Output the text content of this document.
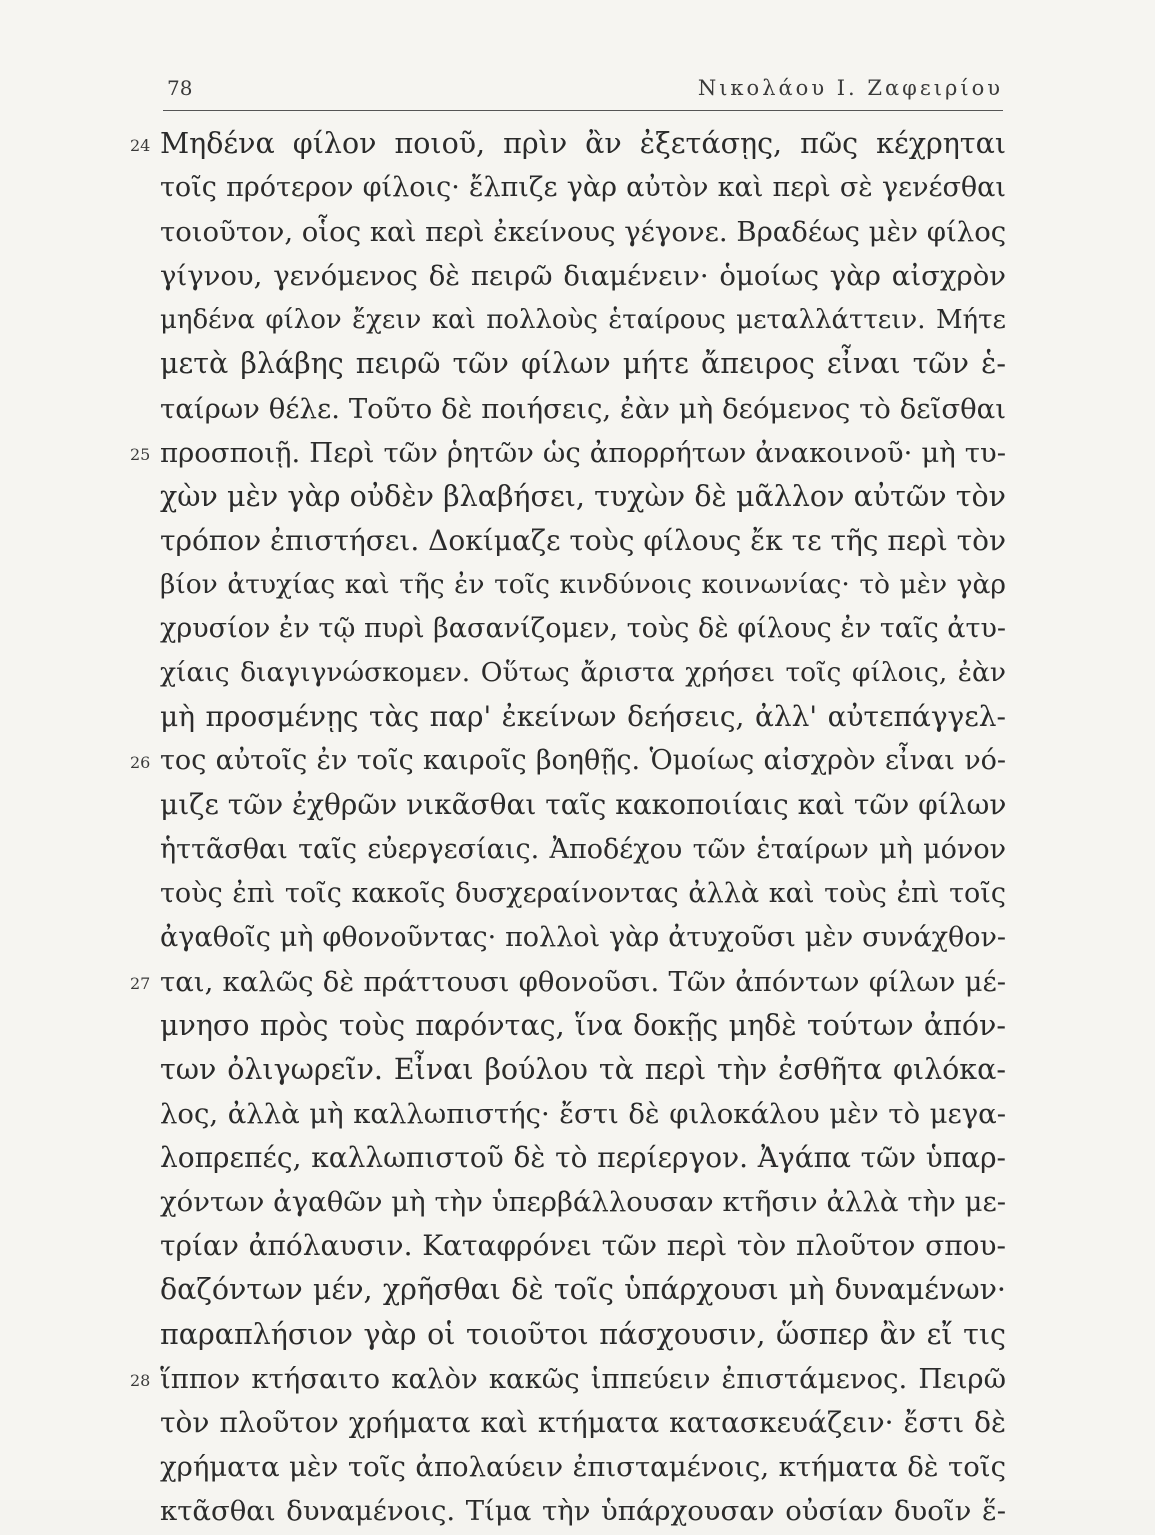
78	Νικολάου Ι. Ζαφειρίου
24 Μηδένα φίλον ποιοῦ, πρὶν ἂν ἐξετάσῃς, πῶς κέχρηται
τοῖς πρότερον φίλοις· ἔλπιζε γὰρ αὐτὸν καὶ περὶ σὲ γενέσθαι
τοιοῦτον, οἷος καὶ περὶ ἐκείνους γέγονε. Βραδέως μὲν φίλος
γίγνου, γενόμενος δὲ πειρῶ διαμένειν· ὁμοίως γὰρ αἰσχρὸν
μηδένα φίλον ἔχειν καὶ πολλοὺς ἑταίρους μεταλλάττειν. Μήτε
μετὰ βλάβης πειρῶ τῶν φίλων μήτε ἄπειρος εἶναι τῶν ἑ-
ταίρων θέλε. Τοῦτο δὲ ποιήσεις, ἐὰν μὴ δεόμενος τὸ δεῖσθαι
25 προσποιῇ. Περὶ τῶν ῥητῶν ὡς ἀπορρήτων ἀνακοινοῦ· μὴ τυ-
χὼν μὲν γὰρ οὐδὲν βλαβήσει, τυχὼν δὲ μᾶλλον αὐτῶν τὸν
τρόπον ἐπιστήσει. Δοκίμαζε τοὺς φίλους ἔκ τε τῆς περὶ τὸν
βίον ἀτυχίας καὶ τῆς ἐν τοῖς κινδύνοις κοινωνίας· τὸ μὲν γὰρ
χρυσίον ἐν τῷ πυρὶ βασανίζομεν, τοὺς δὲ φίλους ἐν ταῖς ἀτυ-
χίαις διαγιγνώσκομεν. Οὕτως ἄριστα χρήσει τοῖς φίλοις, ἐὰν
μὴ προσμένῃς τὰς παρ' ἐκείνων δεήσεις, ἀλλ' αὐτεπάγγελ-
26 τος αὐτοῖς ἐν τοῖς καιροῖς βοηθῇς. Ὁμοίως αἰσχρὸν εἶναι νό-
μιζε τῶν ἐχθρῶν νικᾶσθαι ταῖς κακοποιίαις καὶ τῶν φίλων
ἡττᾶσθαι ταῖς εὐεργεσίαις. Ἀποδέχου τῶν ἑταίρων μὴ μόνον
τοὺς ἐπὶ τοῖς κακοῖς δυσχεραίνοντας ἀλλὰ καὶ τοὺς ἐπὶ τοῖς
ἀγαθοῖς μὴ φθονοῦντας· πολλοὶ γὰρ ἀτυχοῦσι μὲν συνάχθον-
27 ται, καλῶς δὲ πράττουσι φθονοῦσι. Τῶν ἀπόντων φίλων μέ-
μνησο πρὸς τοὺς παρόντας, ἵνα δοκῇς μηδὲ τούτων ἀπόν-
των ὀλιγωρεῖν. Εἶναι βούλου τὰ περὶ τὴν ἐσθῆτα φιλόκα-
λος, ἀλλὰ μὴ καλλωπιστής· ἔστι δὲ φιλοκάλου μὲν τὸ μεγα-
λοπρεπές, καλλωπιστοῦ δὲ τὸ περίεργον. Ἀγάπα τῶν ὑπαρ-
χόντων ἀγαθῶν μὴ τὴν ὑπερβάλλουσαν κτῆσιν ἀλλὰ τὴν με-
τρίαν ἀπόλαυσιν. Καταφρόνει τῶν περὶ τὸν πλοῦτον σπου-
δαζόντων μέν, χρῆσθαι δὲ τοῖς ὑπάρχουσι μὴ δυναμένων·
παραπλήσιον γὰρ οἱ τοιοῦτοι πάσχουσιν, ὥσπερ ἂν εἴ τις
28 ἵππον κτήσαιτο καλὸν κακῶς ἱππεύειν ἐπιστάμενος. Πειρῶ
τὸν πλοῦτον χρήματα καὶ κτήματα κατασκευάζειν· ἔστι δὲ
χρήματα μὲν τοῖς ἀπολαύειν ἐπισταμένοις, κτήματα δὲ τοῖς
κτᾶσθαι δυναμένοις. Τίμα τὴν ὑπάρχουσαν οὐσίαν δυοῖν ἕ-
